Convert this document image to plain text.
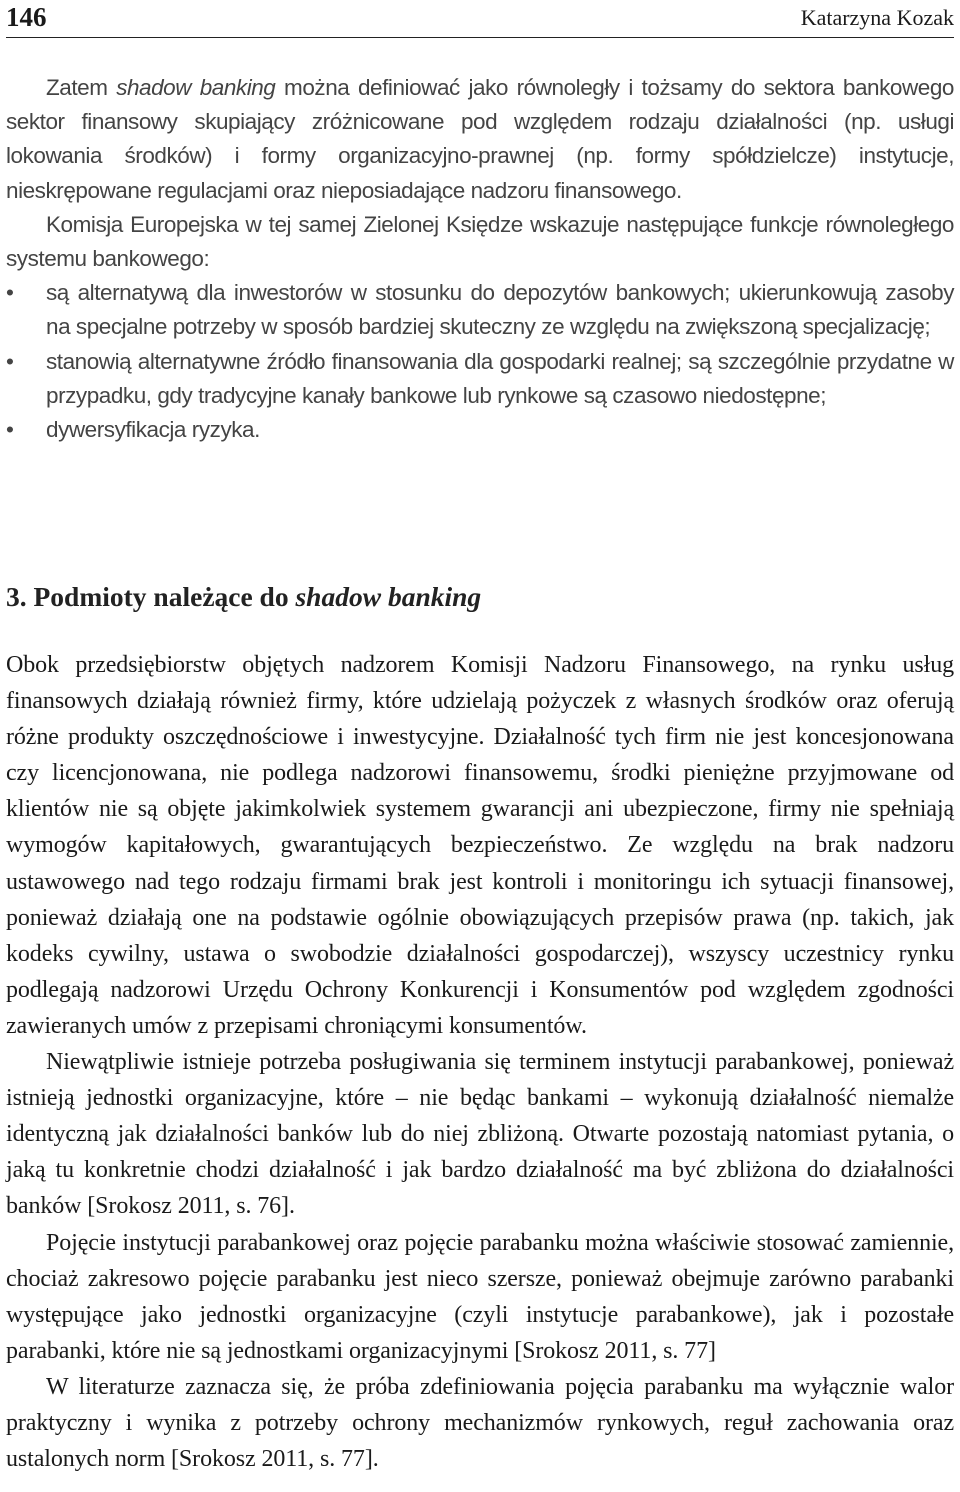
146	Katarzyna Kozak

Zatem shadow banking można definiować jako równoległy i tożsamy do sektora bankowego sektor finansowy skupiający zróżnicowane pod względem rodzaju działalności (np. usługi lokowania środków) i formy organizacyjno-prawnej (np. formy spółdzielcze) instytucje, nieskrępowane regulacjami oraz nieposiadające nadzoru finansowego.

Komisja Europejska w tej samej Zielonej Księdze wskazuje następujące funkcje równoległego systemu bankowego:

• są alternatywą dla inwestorów w stosunku do depozytów bankowych; ukierunkowują zasoby na specjalne potrzeby w sposób bardziej skuteczny ze względu na zwiększoną specjalizację;
• stanowią alternatywne źródło finansowania dla gospodarki realnej; są szczególnie przydatne w przypadku, gdy tradycyjne kanały bankowe lub rynkowe są czasowo niedostępne;
• dywersyfikacja ryzyka.
3. Podmioty należące do shadow banking

Obok przedsiębiorstw objętych nadzorem Komisji Nadzoru Finansowego, na rynku usług finansowych działają również firmy, które udzielają pożyczek z własnych środków oraz oferują różne produkty oszczędnościowe i inwestycyjne. Działalność tych firm nie jest koncesjonowana czy licencjonowana, nie podlega nadzorowi finansowemu, środki pieniężne przyjmowane od klientów nie są objęte jakimkolwiek systemem gwarancji ani ubezpieczone, firmy nie spełniają wymogów kapitałowych, gwarantujących bezpieczeństwo. Ze względu na brak nadzoru ustawowego nad tego rodzaju firmami brak jest kontroli i monitoringu ich sytuacji finansowej, ponieważ działają one na podstawie ogólnie obowiązujących przepisów prawa (np. takich, jak kodeks cywilny, ustawa o swobodzie działalności gospodarczej), wszyscy uczestnicy rynku podlegają nadzorowi Urzędu Ochrony Konkurencji i Konsumentów pod względem zgodności zawieranych umów z przepisami chroniącymi konsumentów.

Niewątpliwie istnieje potrzeba posługiwania się terminem instytucji parabankowej, ponieważ istnieją jednostki organizacyjne, które – nie będąc bankami – wykonują działalność niemalże identyczną jak działalności banków lub do niej zbliżoną. Otwarte pozostają natomiast pytania, o jaką tu konkretnie chodzi działalność i jak bardzo działalność ma być zbliżona do działalności banków [Srokosz 2011, s. 76].

Pojęcie instytucji parabankowej oraz pojęcie parabanku można właściwie stosować zamiennie, chociaż zakresowo pojęcie parabanku jest nieco szersze, ponieważ obejmuje zarówno parabanki występujące jako jednostki organizacyjne (czyli instytucje parabankowe), jak i pozostałe parabanki, które nie są jednostkami organizacyjnymi [Srokosz 2011, s. 77]

W literaturze zaznacza się, że próba zdefiniowania pojęcia parabanku ma wyłącznie walor praktyczny i wynika z potrzeby ochrony mechanizmów rynkowych, reguł zachowania oraz ustalonych norm [Srokosz 2011, s. 77].
